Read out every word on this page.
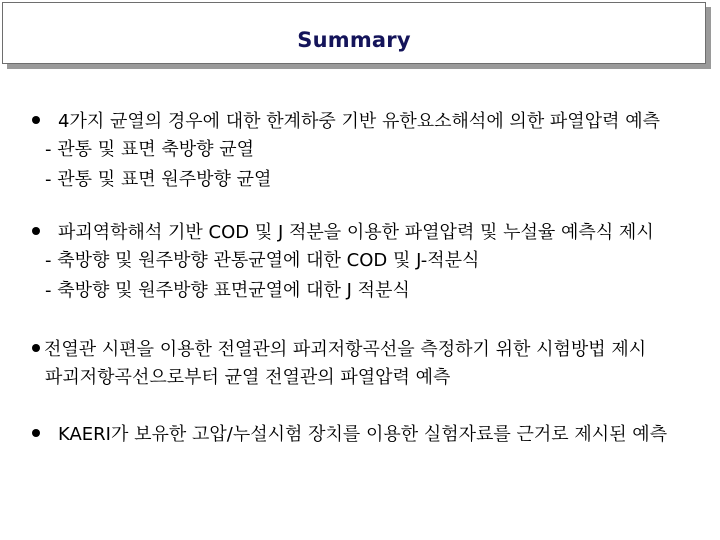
Summary
4가지 균열의 경우에 대한 한계하중 기반 유한요소해석에 의한 파열압력 예측
- 관통 및 표면 축방향 균열
- 관통 및 표면 원주방향 균열
파괴역학해석 기반 COD 및 J 적분을 이용한 파열압력 및 누설율 예측식 제시
- 축방향 및 원주방향 관통균열에 대한 COD 및 J-적분식
- 축방향 및 원주방향 표면균열에 대한 J 적분식
전열관 시편을 이용한 전열관의 파괴저항곡선을 측정하기 위한 시험방법 제시
파괴저항곡선으로부터 균열 전열관의 파열압력 예측
KAERI가 보유한 고압/누설시험 장치를 이용한 실험자료를 근거로 제시된 예측
